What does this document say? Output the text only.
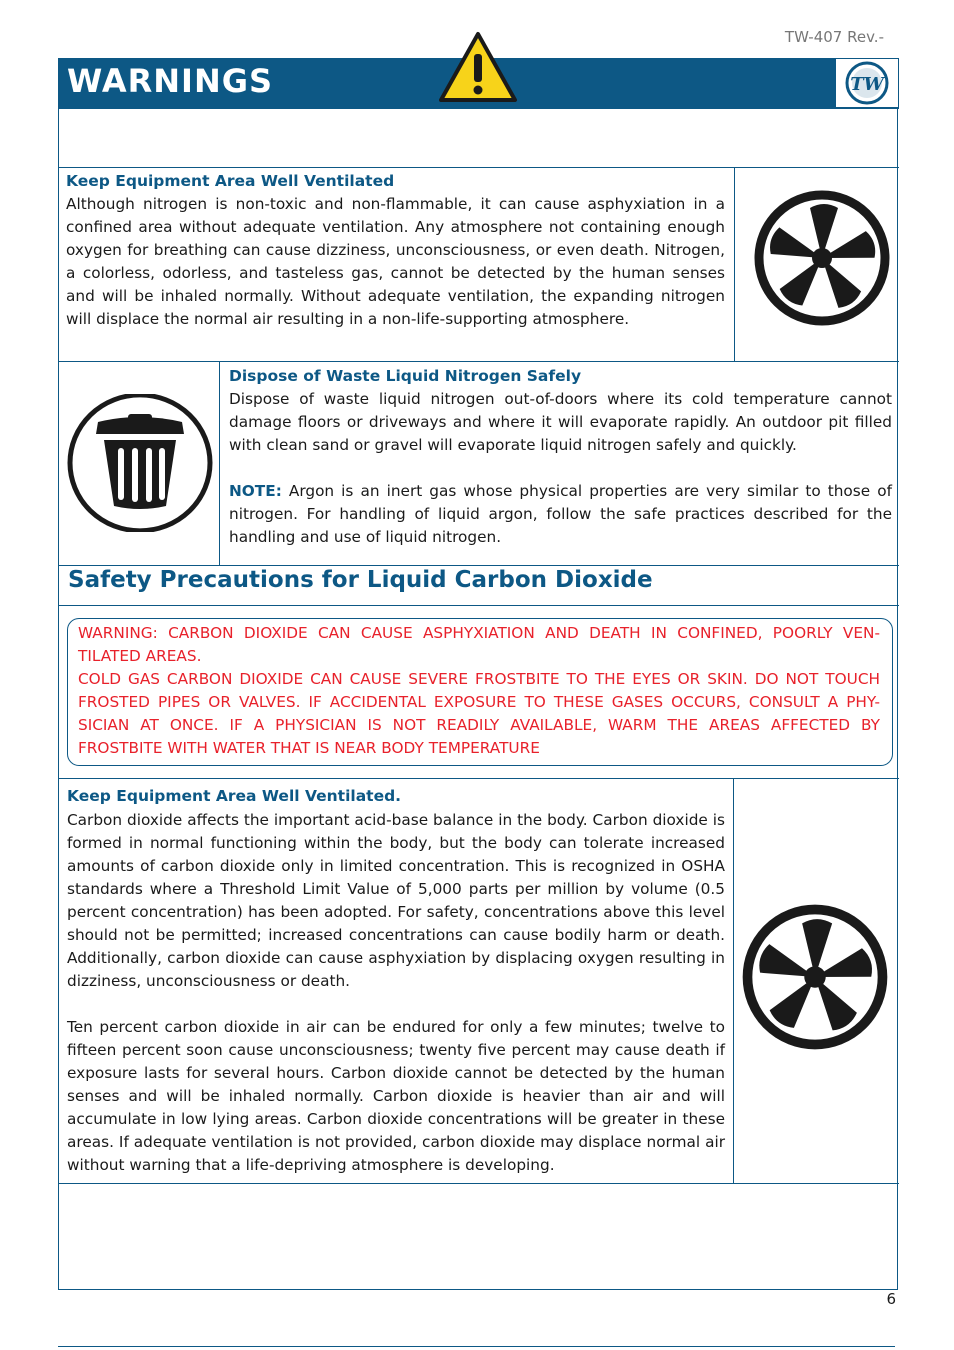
TW-407 Rev.-
WARNINGS	TW
Keep Equipment Area Well Ventilated
Although nitrogen is non-toxic and non-flammable, it can cause asphyxiation in a confined area without adequate ventilation. Any atmosphere not containing enough oxygen for breathing can cause dizziness, unconsciousness, or even death. Nitrogen, a colorless, odorless, and tasteless gas, cannot be detected by the human senses and will be inhaled normally. Without adequate ventilation, the expanding nitrogen will displace the normal air resulting in a non-life-supporting atmosphere.
Dispose of Waste Liquid Nitrogen Safely
Dispose of waste liquid nitrogen out-of-doors where its cold temperature cannot damage floors or driveways and where it will evaporate rapidly. An outdoor pit filled with clean sand or gravel will evaporate liquid nitrogen safely and quickly.
NOTE: Argon is an inert gas whose physical properties are very similar to those of nitrogen. For handling of liquid argon, follow the safe practices described for the handling and use of liquid nitrogen.
Safety Precautions for Liquid Carbon Dioxide
WARNING: CARBON DIOXIDE CAN CAUSE ASPHYXIATION AND DEATH IN CONFINED, POORLY VEN-TILATED AREAS.
COLD GAS CARBON DIOXIDE CAN CAUSE SEVERE FROSTBITE TO THE EYES OR SKIN. DO NOT TOUCH FROSTED PIPES OR VALVES. IF ACCIDENTAL EXPOSURE TO THESE GASES OCCURS, CONSULT A PHY-SICIAN AT ONCE. IF A PHYSICIAN IS NOT READILY AVAILABLE, WARM THE AREAS AFFECTED BY FROSTBITE WITH WATER THAT IS NEAR BODY TEMPERATURE
Keep Equipment Area Well Ventilated.
Carbon dioxide affects the important acid-base balance in the body. Carbon dioxide is formed in normal functioning within the body, but the body can tolerate increased amounts of carbon dioxide only in limited concentration. This is recognized in OSHA standards where a Threshold Limit Value of 5,000 parts per million by volume (0.5 percent concentration) has been adopted. For safety, concentrations above this level should not be permitted; increased concentrations can cause bodily harm or death. Additionally, carbon dioxide can cause asphyxiation by displacing oxygen resulting in dizziness, unconsciousness or death.
Ten percent carbon dioxide in air can be endured for only a few minutes; twelve to fifteen percent soon cause unconsciousness; twenty five percent may cause death if exposure lasts for several hours. Carbon dioxide cannot be detected by the human senses and will be inhaled normally. Carbon dioxide is heavier than air and will accumulate in low lying areas. Carbon dioxide concentrations will be greater in these areas. If adequate ventilation is not provided, carbon dioxide may displace normal air without warning that a life-depriving atmosphere is developing.
6
